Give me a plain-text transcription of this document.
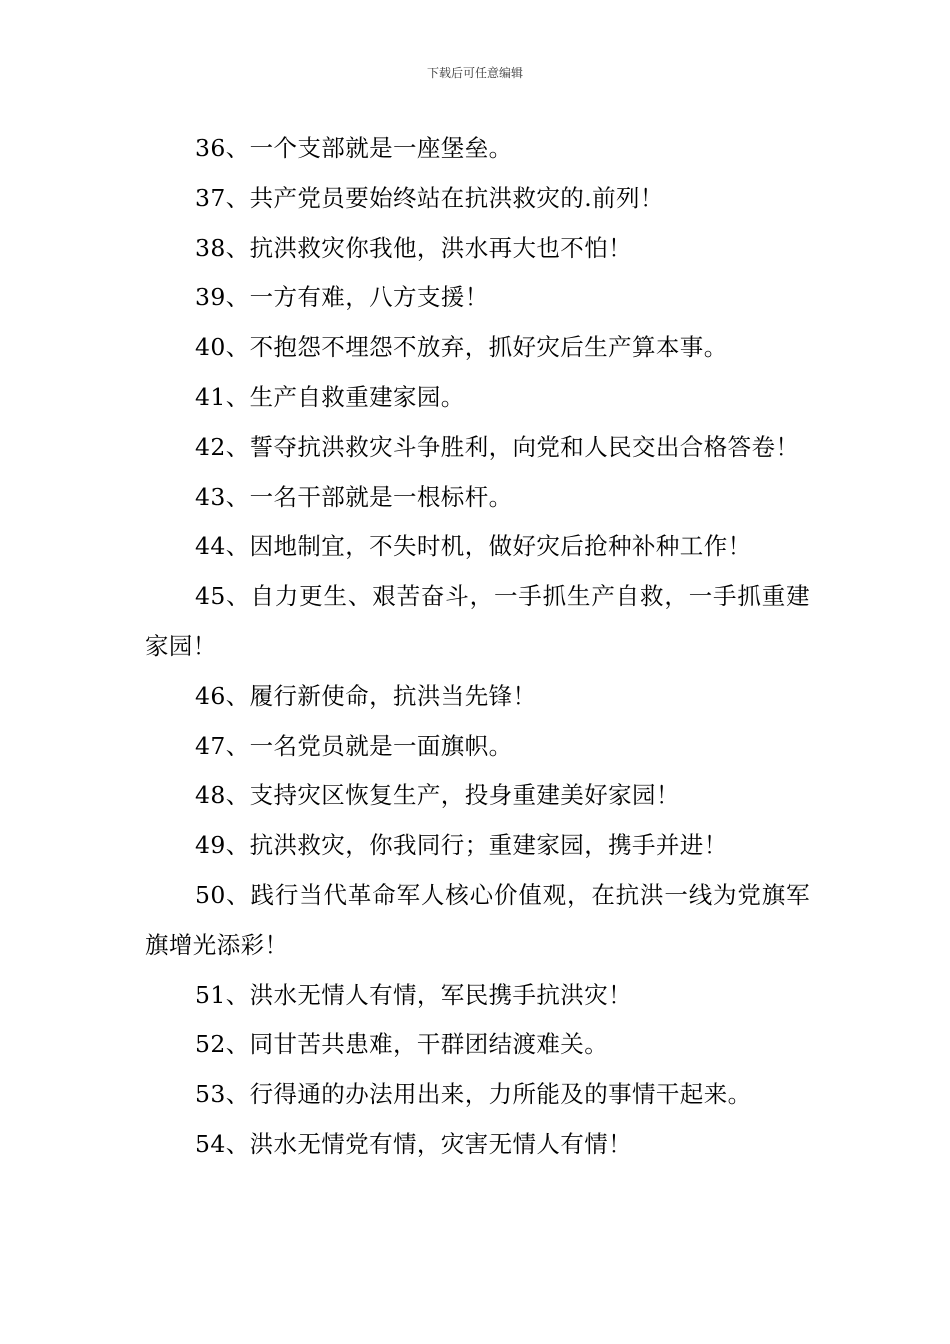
下载后可任意编辑

36、一个支部就是一座堡垒。

37、共产党员要始终站在抗洪救灾的.前列！

38、抗洪救灾你我他，洪水再大也不怕！

39、一方有难，八方支援！

40、不抱怨不埋怨不放弃，抓好灾后生产算本事。

41、生产自救重建家园。

42、誓夺抗洪救灾斗争胜利，向党和人民交出合格答卷！

43、一名干部就是一根标杆。

44、因地制宜，不失时机，做好灾后抢种补种工作！

45、自力更生、艰苦奋斗，一手抓生产自救，一手抓重建家园！

46、履行新使命，抗洪当先锋！

47、一名党员就是一面旗帜。

48、支持灾区恢复生产，投身重建美好家园！

49、抗洪救灾，你我同行；重建家园，携手并进！

50、践行当代革命军人核心价值观，在抗洪一线为党旗军旗增光添彩！

51、洪水无情人有情，军民携手抗洪灾！

52、同甘苦共患难，干群团结渡难关。

53、行得通的办法用出来，力所能及的事情干起来。

54、洪水无情党有情，灾害无情人有情！
